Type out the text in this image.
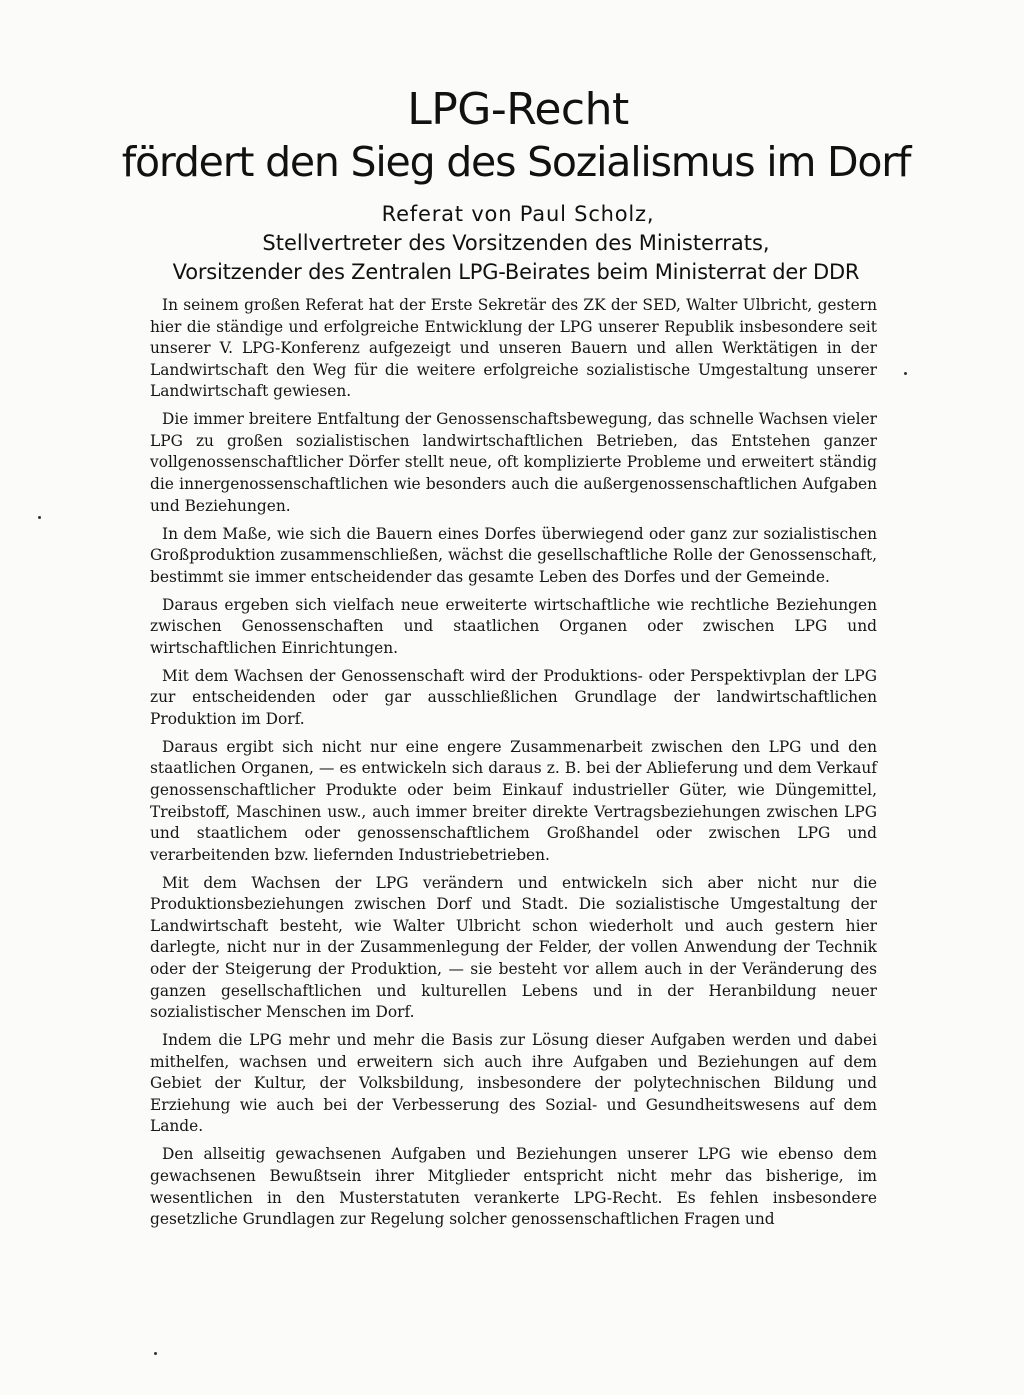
LPG-Recht
fördert den Sieg des Sozialismus im Dorf

Referat von Paul Scholz,

Stellvertreter des Vorsitzenden des Ministerrats,

Vorsitzender des Zentralen LPG-Beirates beim Ministerrat der DDR

In seinem großen Referat hat der Erste Sekretär des ZK der SED, Walter Ulbricht, gestern hier die ständige und erfolgreiche Entwicklung der LPG unserer Republik insbesondere seit unserer V. LPG-Konferenz aufgezeigt und unseren Bauern und allen Werktätigen in der Landwirtschaft den Weg für die weitere erfolgreiche sozialistische Umgestaltung unserer Landwirtschaft gewiesen.

Die immer breitere Entfaltung der Genossenschaftsbewegung, das schnelle Wachsen vieler LPG zu großen sozialistischen landwirtschaftlichen Betrieben, das Entstehen ganzer vollgenossenschaftlicher Dörfer stellt neue, oft komplizierte Probleme und erweitert ständig die innergenossenschaftlichen wie besonders auch die außergenossenschaftlichen Aufgaben und Beziehungen.

In dem Maße, wie sich die Bauern eines Dorfes überwiegend oder ganz zur sozialistischen Großproduktion zusammenschließen, wächst die gesellschaftliche Rolle der Genossenschaft, bestimmt sie immer entscheidender das gesamte Leben des Dorfes und der Gemeinde.

Daraus ergeben sich vielfach neue erweiterte wirtschaftliche wie rechtliche Beziehungen zwischen Genossenschaften und staatlichen Organen oder zwischen LPG und wirtschaftlichen Einrichtungen.

Mit dem Wachsen der Genossenschaft wird der Produktions- oder Perspektivplan der LPG zur entscheidenden oder gar ausschließlichen Grundlage der landwirtschaftlichen Produktion im Dorf.

Daraus ergibt sich nicht nur eine engere Zusammenarbeit zwischen den LPG und den staatlichen Organen, — es entwickeln sich daraus z. B. bei der Ablieferung und dem Verkauf genossenschaftlicher Produkte oder beim Einkauf industrieller Güter, wie Düngemittel, Treibstoff, Maschinen usw., auch immer breiter direkte Vertragsbeziehungen zwischen LPG und staatlichem oder genossenschaftlichem Großhandel oder zwischen LPG und verarbeitenden bzw. liefernden Industriebetrieben.

Mit dem Wachsen der LPG verändern und entwickeln sich aber nicht nur die Produktionsbeziehungen zwischen Dorf und Stadt. Die sozialistische Umgestaltung der Landwirtschaft besteht, wie Walter Ulbricht schon wiederholt und auch gestern hier darlegte, nicht nur in der Zusammenlegung der Felder, der vollen Anwendung der Technik oder der Steigerung der Produktion, — sie besteht vor allem auch in der Veränderung des ganzen gesellschaftlichen und kulturellen Lebens und in der Heranbildung neuer sozialistischer Menschen im Dorf.

Indem die LPG mehr und mehr die Basis zur Lösung dieser Aufgaben werden und dabei mithelfen, wachsen und erweitern sich auch ihre Aufgaben und Beziehungen auf dem Gebiet der Kultur, der Volksbildung, insbesondere der polytechnischen Bildung und Erziehung wie auch bei der Verbesserung des Sozial- und Gesundheitswesens auf dem Lande.

Den allseitig gewachsenen Aufgaben und Beziehungen unserer LPG wie ebenso dem gewachsenen Bewußtsein ihrer Mitglieder entspricht nicht mehr das bisherige, im wesentlichen in den Musterstatuten verankerte LPG-Recht. Es fehlen insbesondere gesetzliche Grundlagen zur Regelung solcher genossenschaftlichen Fragen und
